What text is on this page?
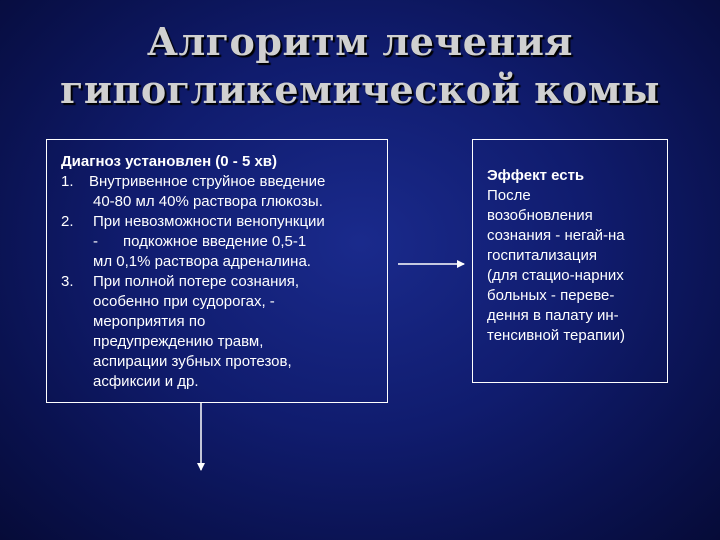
Алгоритм лечения
гипогликемической комы
Диагноз установлен (0 - 5 хв)
1. Внутривенное струйное введение
40-80 мл 40% раствора глюкозы.
2. При невозможности венопункции
-      подкожное введение 0,5-1
мл 0,1% раствора адреналина.
3. При полной потере сознания,
особенно при судорогах, -
мероприятия по
предупреждению травм,
аспирации зубных протезов,
асфиксии и др.
Эффект есть
После
возобновления
сознания - негай-на
госпитализация
(для стацио-нарних
больных - переве-
дення в палату ин-
тенсивной терапии)
